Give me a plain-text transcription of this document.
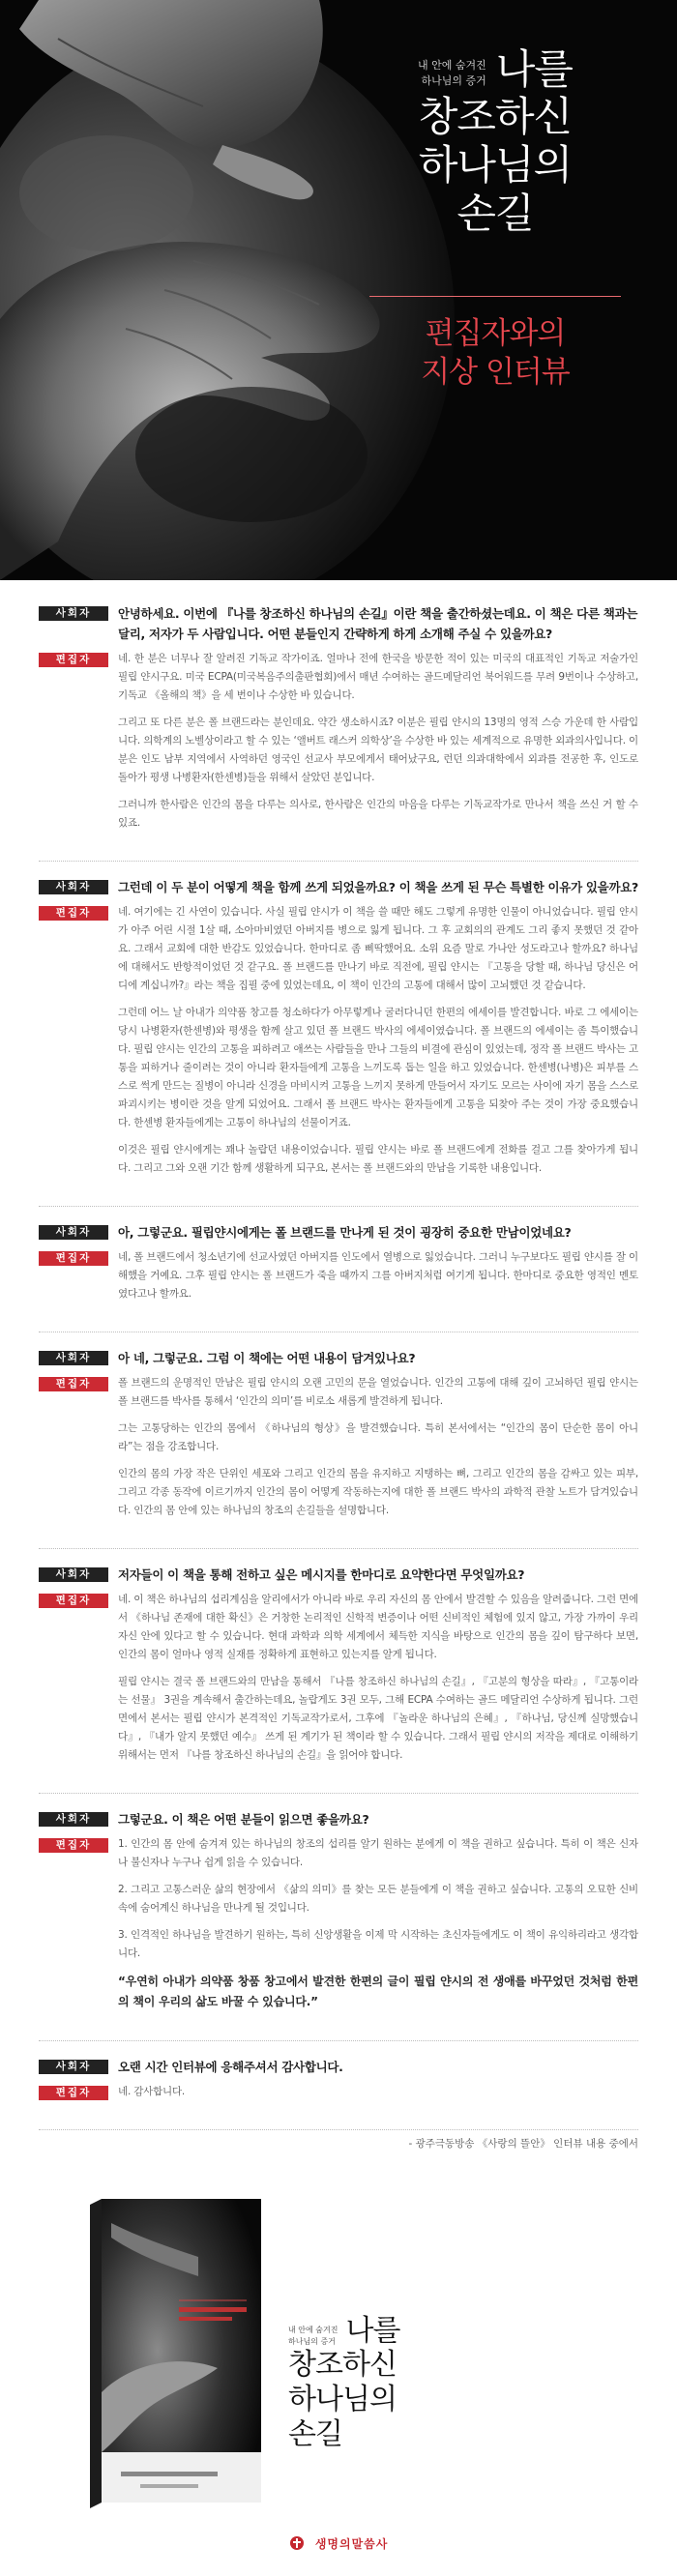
내 안에 숨겨진
하나님의 증거 나를
창조하신
하나님의
손길
편집자와의
지상 인터뷰
사회자	안녕하세요. 이번에 『나를 창조하신 하나님의 손길』이란 책을 출간하셨는데요. 이 책은 다른 책과는 달리, 저자가 두 사람입니다. 어떤 분들인지 간략하게 하게 소개해 주실 수 있을까요?
편집자	네. 한 분은 너무나 잘 알려진 기독교 작가이죠. 얼마나 전에 한국을 방문한 적이 있는 미국의 대표적인 기독교 저술가인 필립 얀시구요. 미국 ECPA(미국복음주의출판협회)에서 매년 수여하는 골드메달리언 북어워드를 무려 9번이나 수상하고, 기독교 《올해의 책》을 세 번이나 수상한 바 있습니다.

그리고 또 다른 분은 폴 브랜드라는 분인데요. 약간 생소하시죠? 이분은 필립 얀시의 13명의 영적 스승 가운데 한 사람입니다. 의학계의 노벨상이라고 할 수 있는 ‘앨버트 래스커 의학상’을 수상한 바 있는 세계적으로 유명한 외과의사입니다. 이분은 인도 남부 지역에서 사역하던 영국인 선교사 부모에게서 태어났구요, 런던 의과대학에서 외과를 전공한 후, 인도로 돌아가 평생 나병환자(한센병)들을 위해서 살았던 분입니다.

그러니까 한사람은 인간의 몸을 다루는 의사로, 한사람은 인간의 마음을 다루는 기독교작가로 만나서 책을 쓰신 거 할 수 있죠.

사회자	그런데 이 두 분이 어떻게 책을 함께 쓰게 되었을까요? 이 책을 쓰게 된 무슨 특별한 이유가 있을까요?
편집자	네. 여기에는 긴 사연이 있습니다. 사실 필립 얀시가 이 책을 쓸 때만 해도 그렇게 유명한 인물이 아니었습니다. 필립 얀시가 아주 어린 시절 1살 때, 소아마비였던 아버지를 병으로 잃게 됩니다. 그 후 교회의의 관계도 그리 좋지 못했던 것 같아요. 그래서 교회에 대한 반감도 있었습니다. 한마디로 좀 삐딱했어요. 소위 요즘 말로 가나안 성도라고나 할까요? 하나님에 대해서도 반항적이었던 것 같구요. 폴 브랜드를 만나기 바로 직전에, 필립 얀시는 『고통을 당할 때, 하나님 당신은 어디에 계십니까?』라는 책을 집필 중에 있었는데요, 이 책이 인간의 고통에 대해서 많이 고뇌했던 것 같습니다.

그런데 어느 날 아내가 의약품 창고를 청소하다가 아무렇게나 굴러다니던 한편의 에세이를 발견합니다. 바로 그 에세이는 당시 나병환자(한센병)와 평생을 함께 살고 있던 폴 브랜드 박사의 에세이였습니다. 폴 브랜드의 에세이는 좀 특이했습니다. 필립 얀시는 인간의 고통을 피하려고 애쓰는 사람들을 만나 그들의 비결에 관심이 있었는데, 정작 폴 브랜드 박사는 고통을 피하거나 줄이려는 것이 아니라 환자들에게 고통을 느끼도록 돕는 일을 하고 있었습니다. 한센병(나병)은 피부를 스스로 썩게 만드는 질병이 아니라 신경을 마비시켜 고통을 느끼지 못하게 만들어서 자기도 모르는 사이에 자기 몸을 스스로 파괴시키는 병이란 것을 알게 되었어요. 그래서 폴 브랜드 박사는 환자들에게 고통을 되찾아 주는 것이 가장 중요했습니다. 한센병 환자들에게는 고통이 하나님의 선물이거죠.

이것은 필립 얀시에게는 꽤나 놀랍던 내용이었습니다. 필립 얀시는 바로 폴 브랜드에게 전화를 걸고 그를 찾아가게 됩니다. 그리고 그와 오랜 기간 함께 생활하게 되구요, 본서는 폴 브랜드와의 만남을 기록한 내용입니다.

사회자	아, 그렇군요. 필립얀시에게는 폴 브랜드를 만나게 된 것이 굉장히 중요한 만남이었네요?
편집자	네, 폴 브랜드에서 청소년기에 선교사였던 아버지를 인도에서 열병으로 잃었습니다. 그러니 누구보다도 필립 얀시를 잘 이해했을 거예요. 그후 필립 얀시는 폴 브랜드가 죽을 때까지 그를 아버지처럼 여기게 됩니다. 한마디로 중요한 영적인 멘토였다고나 할까요.

사회자	아 네, 그렇군요. 그럼 이 책에는 어떤 내용이 담겨있나요?
편집자	폴 브랜드의 운명적인 만남은 필립 얀시의 오랜 고민의 문을 열었습니다. 인간의 고통에 대해 깊이 고뇌하던 필립 얀시는 폴 브랜드를 박사를 통해서 ‘인간의 의미’를 비로소 새롭게 발견하게 됩니다.

그는 고통당하는 인간의 몸에서 《하나님의 형상》을 발견했습니다. 특히 본서에서는 “인간의 몸이 단순한 몸이 아니라”는 점을 강조합니다.

인간의 몸의 가장 작은 단위인 세포와 그리고 인간의 몸을 유지하고 지탱하는 뼈, 그리고 인간의 몸을 감싸고 있는 피부, 그리고 각종 동작에 이르기까지 인간의 몸이 어떻게 작동하는지에 대한 폴 브랜드 박사의 과학적 관찰 노트가 담겨있습니다. 인간의 몸 안에 있는 하나님의 창조의 손길들을 설명합니다.

사회자	저자들이 이 책을 통해 전하고 싶은 메시지를 한마디로 요약한다면 무엇일까요?
편집자	네. 이 책은 하나님의 섭리계심을 알리에서가 아니라 바로 우리 자신의 몸 안에서 발견할 수 있음을 알려줍니다. 그런 면에서 《하나님 존재에 대한 확신》은 거창한 논리적인 신학적 변증이나 어떤 신비적인 체험에 있지 않고, 가장 가까이 우리 자신 안에 있다고 할 수 있습니다. 현대 과학과 의학 세계에서 체득한 지식을 바탕으로 인간의 몸을 깊이 탐구하다 보면, 인간의 몸이 얼마나 영적 실재를 정확하게 표현하고 있는지를 알게 됩니다.

필립 얀시는 결국 폴 브랜드와의 만남을 통해서 『나를 창조하신 하나님의 손길』, 『고분의 형상을 따라』, 『고통이라는 선물』 3권을 계속해서 출간하는데요, 놀랍게도 3권 모두, 그해 ECPA 수여하는 골드 메달리언 수상하게 됩니다. 그런 면에서 본서는 필립 얀시가 본격적인 기독교작가로서, 그후에 『놀라운 하나님의 은혜』, 『하나님, 당신께 실망했습니다』, 『내가 알지 못했던 예수』 쓰게 된 계기가 된 책이라 할 수 있습니다. 그래서 필립 얀시의 저작을 제대로 이해하기 위해서는 먼저 『나를 창조하신 하나님의 손길』을 읽어야 합니다.

사회자	그렇군요. 이 책은 어떤 분들이 읽으면 좋을까요?
편집자	1. 인간의 몸 안에 숨겨져 있는 하나님의 창조의 섭리를 알기 원하는 분에게 이 책을 권하고 싶습니다. 특히 이 책은 신자나 불신자나 누구나 쉽게 읽을 수 있습니다.

2. 그리고 고통스러운 삶의 현장에서 《삶의 의미》를 찾는 모든 분들에게 이 책을 권하고 싶습니다. 고통의 오묘한 신비 속에 숨어계신 하나님을 만나게 될 것입니다.

3. 인격적인 하나님을 발견하기 원하는, 특히 신앙생활을 이제 막 시작하는 초신자들에게도 이 책이 유익하리라고 생각합니다.

“우연히 아내가 의약품 창품 창고에서 발견한 한편의 글이 필립 얀시의 전 생애를 바꾸었던 것처럼 한편의 책이 우리의 삶도 바꿀 수 있습니다.”

사회자	오랜 시간 인터뷰에 응해주셔서 감사합니다.
편집자	네. 감사합니다.

- 광주극동방송 《사랑의 뜰안》 인터뷰 내용 중에서
내 안에 숨겨진
하나님의 증거 나를
창조하신
하나님의
손길
생명의말씀사
